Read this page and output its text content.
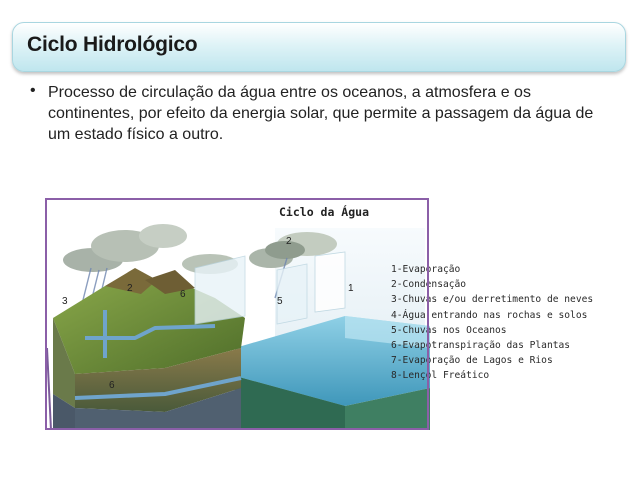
Ciclo Hidrológico
• Processo de circulação da água entre os oceanos, a atmosfera e os continentes, por efeito da energia solar, que permite a passagem da água de um estado físico a outro.
Ciclo da Água
2
1
2
3
6
5
6
1-Evaporação
2-Condensação
3-Chuvas e/ou derretimento de neves
4-Água entrando nas rochas e solos
5-Chuvas nos Oceanos
6-Evapotranspiração das Plantas
7-Evaporação de Lagos e Rios
8-Lençol Freático
